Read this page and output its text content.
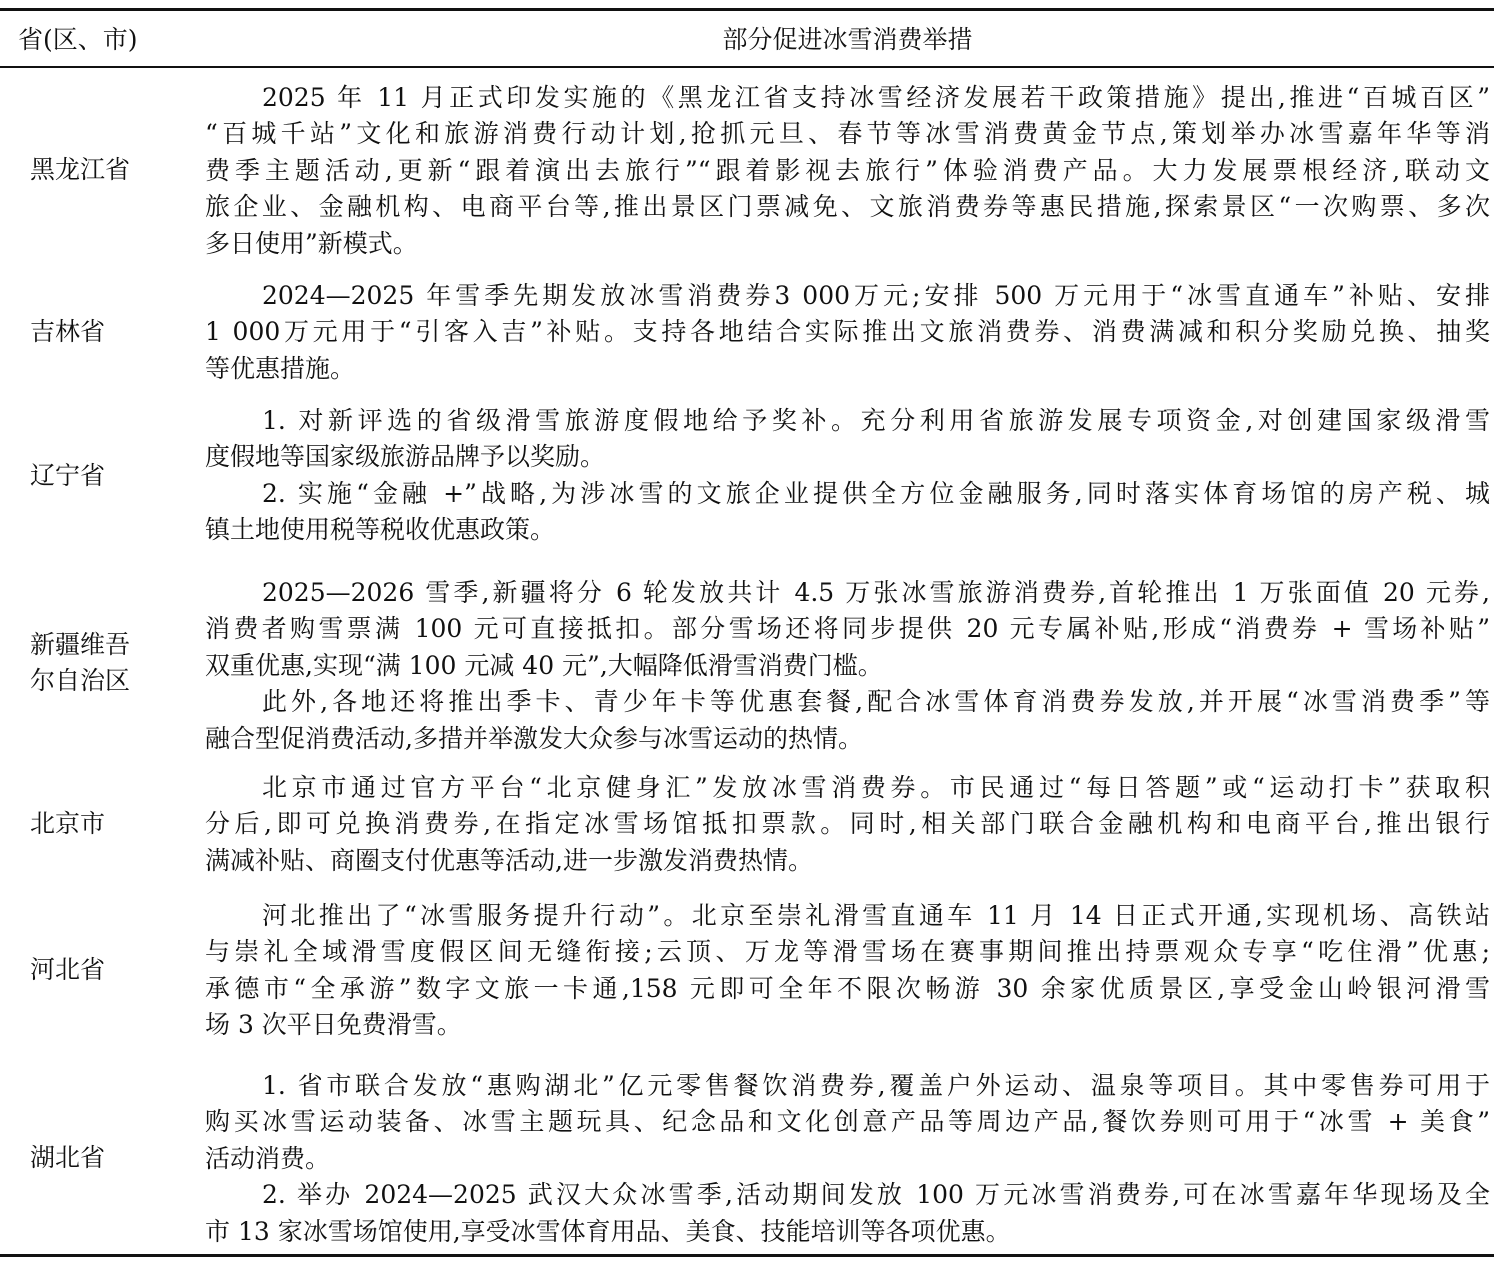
省(区、市)	部分促进冰雪消费举措
黑龙江省
2025 年 11 月正式印发实施的《黑龙江省支持冰雪经济发展若干政策措施》提出,推进“百城百区”
“百城千站”文化和旅游消费行动计划,抢抓元旦、春节等冰雪消费黄金节点,策划举办冰雪嘉年华等消
费季主题活动,更新“跟着演出去旅行”“跟着影视去旅行”体验消费产品。大力发展票根经济,联动文
旅企业、金融机构、电商平台等,推出景区门票减免、文旅消费券等惠民措施,探索景区“一次购票、多次
多日使用”新模式。
吉林省
2024—2025 年雪季先期发放冰雪消费券3 000万元;安排 500 万元用于“冰雪直通车”补贴、安排
1 000万元用于“引客入吉”补贴。支持各地结合实际推出文旅消费券、消费满减和积分奖励兑换、抽奖
等优惠措施。
辽宁省
1. 对新评选的省级滑雪旅游度假地给予奖补。充分利用省旅游发展专项资金,对创建国家级滑雪
度假地等国家级旅游品牌予以奖励。
2. 实施“金融 +”战略,为涉冰雪的文旅企业提供全方位金融服务,同时落实体育场馆的房产税、城
镇土地使用税等税收优惠政策。
新疆维吾
尔自治区
2025—2026 雪季,新疆将分 6 轮发放共计 4.5 万张冰雪旅游消费券,首轮推出 1 万张面值 20 元券,
消费者购雪票满 100 元可直接抵扣。部分雪场还将同步提供 20 元专属补贴,形成“消费券 + 雪场补贴”
双重优惠,实现“满 100 元减 40 元”,大幅降低滑雪消费门槛。
此外,各地还将推出季卡、青少年卡等优惠套餐,配合冰雪体育消费券发放,并开展“冰雪消费季”等
融合型促消费活动,多措并举激发大众参与冰雪运动的热情。
北京市
北京市通过官方平台“北京健身汇”发放冰雪消费券。市民通过“每日答题”或“运动打卡”获取积
分后,即可兑换消费券,在指定冰雪场馆抵扣票款。同时,相关部门联合金融机构和电商平台,推出银行
满减补贴、商圈支付优惠等活动,进一步激发消费热情。
河北省
河北推出了“冰雪服务提升行动”。北京至崇礼滑雪直通车 11 月 14 日正式开通,实现机场、高铁站
与崇礼全域滑雪度假区间无缝衔接;云顶、万龙等滑雪场在赛事期间推出持票观众专享“吃住滑”优惠;
承德市“全承游”数字文旅一卡通,158 元即可全年不限次畅游 30 余家优质景区,享受金山岭银河滑雪
场 3 次平日免费滑雪。
湖北省
1. 省市联合发放“惠购湖北”亿元零售餐饮消费券,覆盖户外运动、温泉等项目。其中零售券可用于
购买冰雪运动装备、冰雪主题玩具、纪念品和文化创意产品等周边产品,餐饮券则可用于“冰雪 + 美食”
活动消费。
2. 举办 2024—2025 武汉大众冰雪季,活动期间发放 100 万元冰雪消费券,可在冰雪嘉年华现场及全
市 13 家冰雪场馆使用,享受冰雪体育用品、美食、技能培训等各项优惠。
